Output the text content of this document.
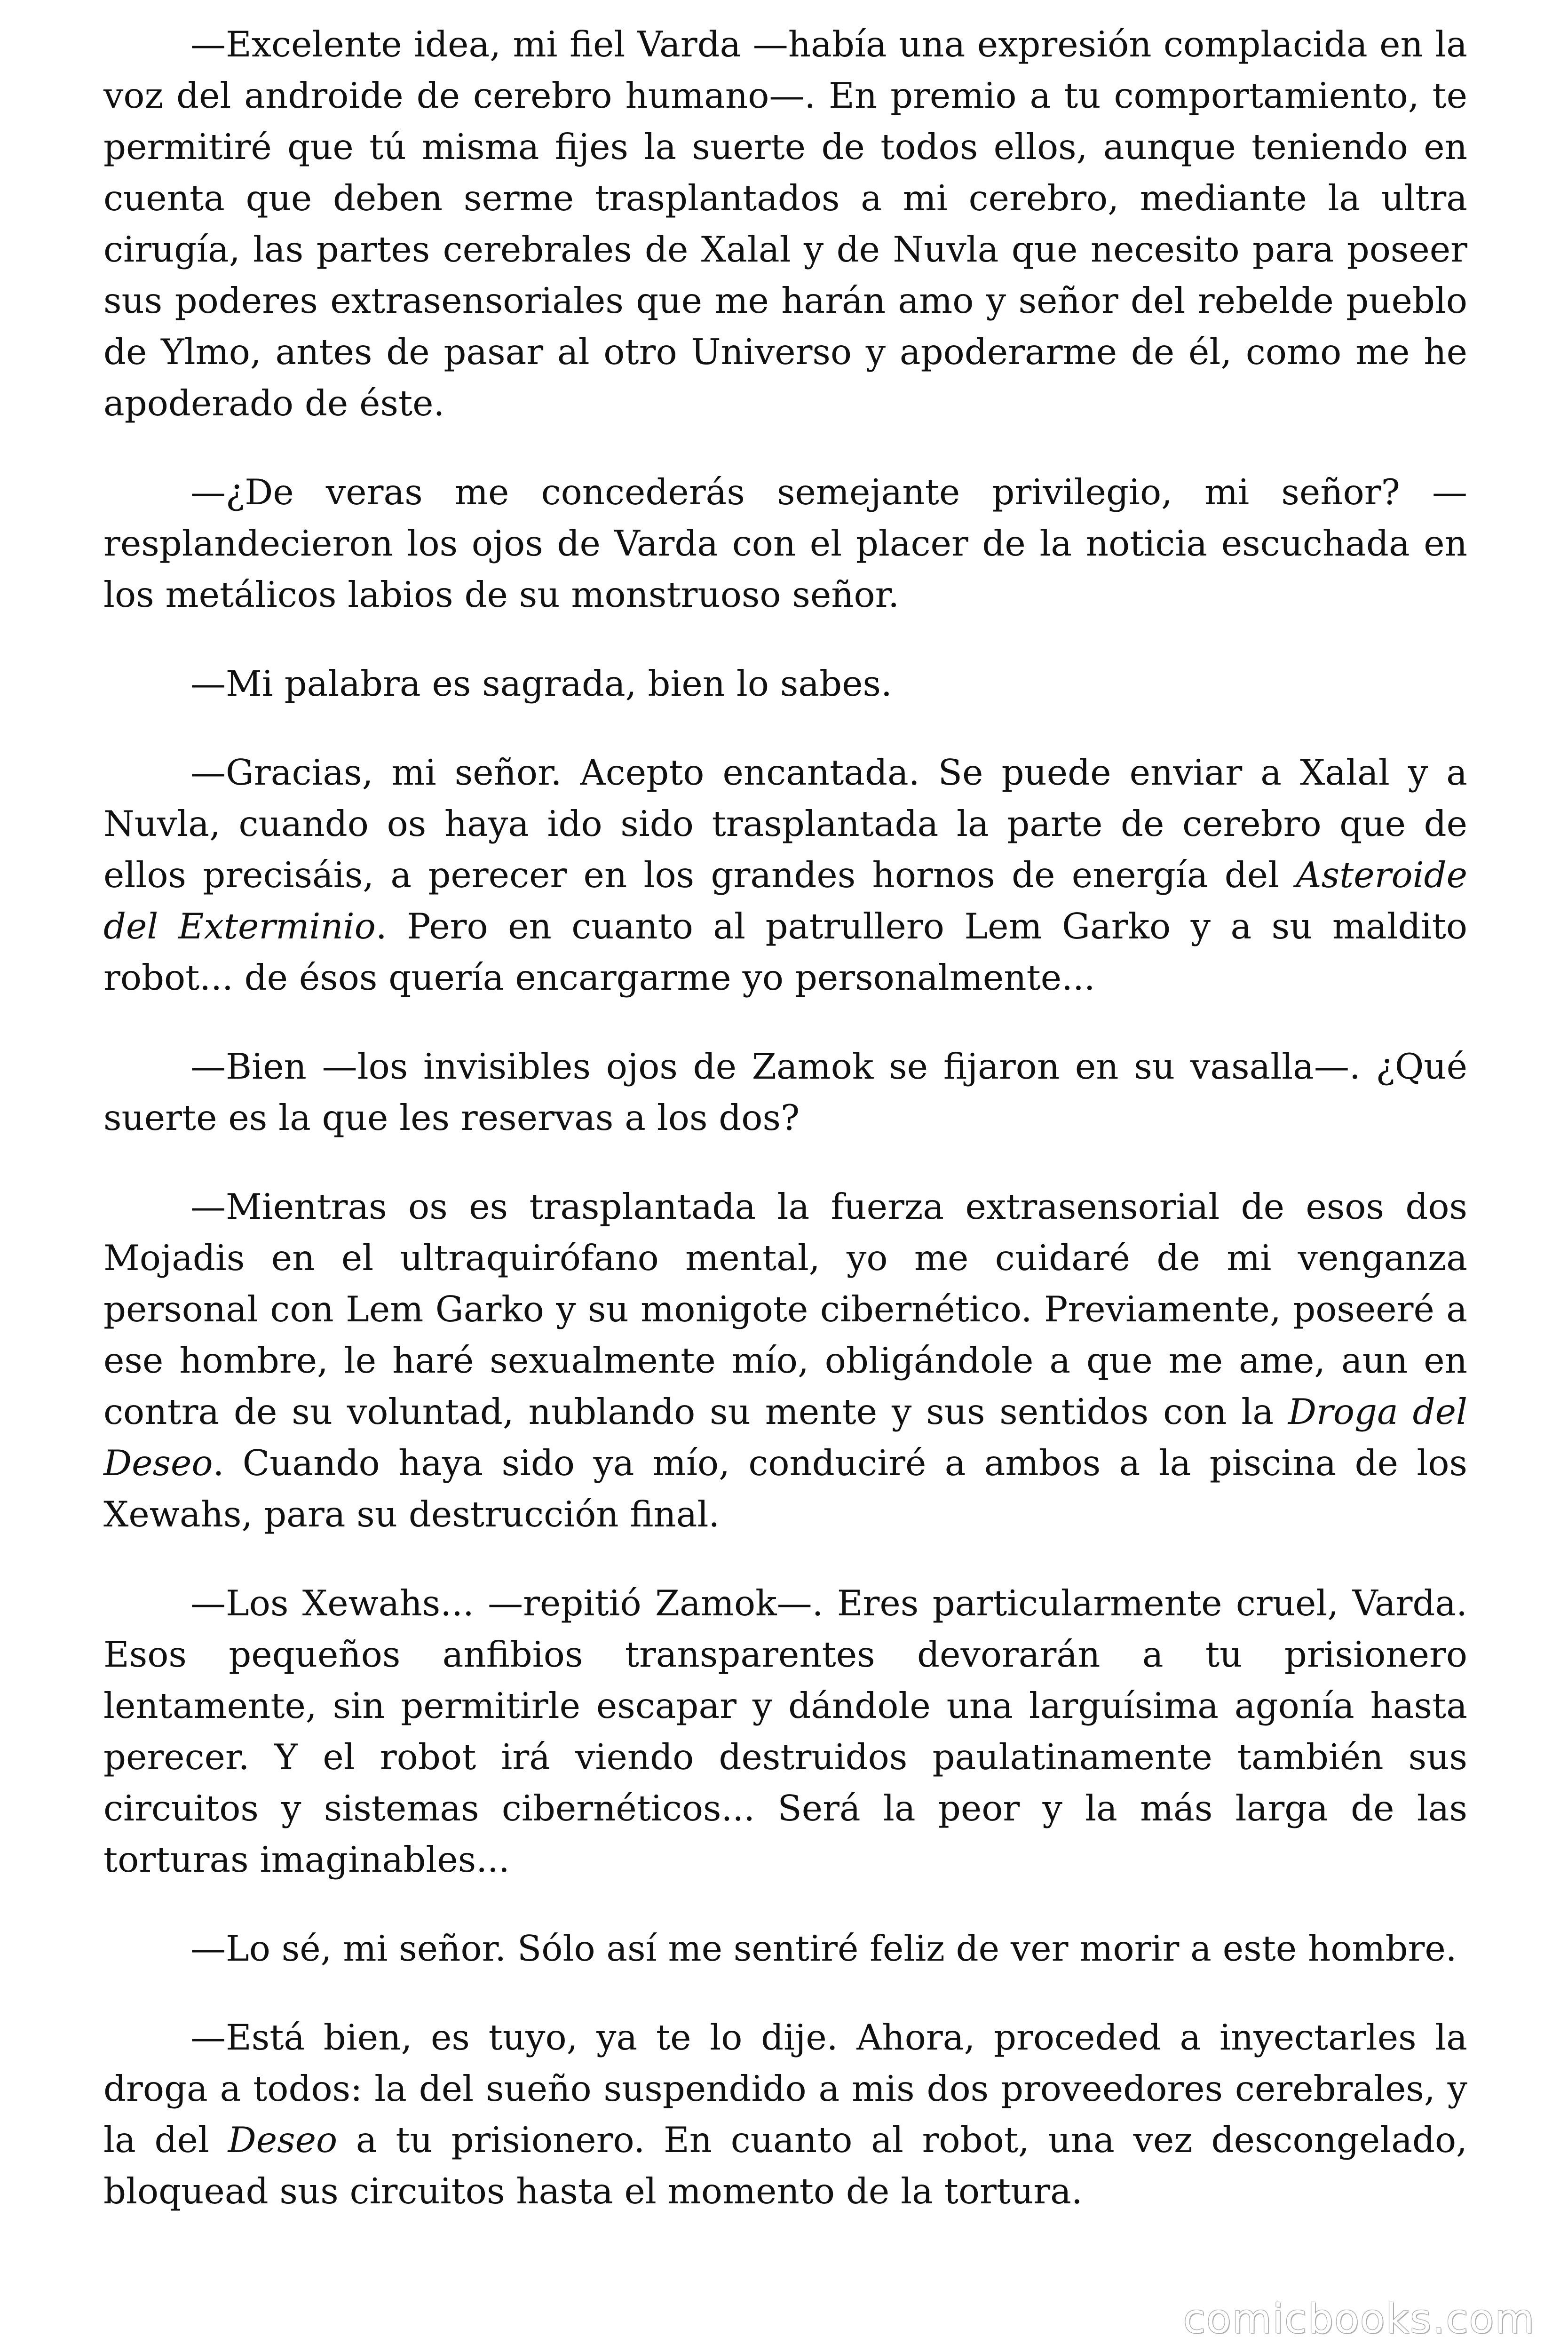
—Excelente idea, mi fiel Varda —había una expresión complacida en la voz del androide de cerebro humano—. En premio a tu comportamiento, te permitiré que tú misma fijes la suerte de todos ellos, aunque teniendo en cuenta que deben serme trasplantados a mi cerebro, mediante la ultra cirugía, las partes cerebrales de Xalal y de Nuvla que necesito para poseer sus poderes extrasensoriales que me harán amo y señor del rebelde pueblo de Ylmo, antes de pasar al otro Universo y apoderarme de él, como me he apoderado de éste.

—¿De veras me concederás semejante privilegio, mi señor? —resplandecieron los ojos de Varda con el placer de la noticia escuchada en los metálicos labios de su monstruoso señor.

—Mi palabra es sagrada, bien lo sabes.

—Gracias, mi señor. Acepto encantada. Se puede enviar a Xalal y a Nuvla, cuando os haya ido sido trasplantada la parte de cerebro que de ellos precisáis, a perecer en los grandes hornos de energía del Asteroide del Exterminio. Pero en cuanto al patrullero Lem Garko y a su maldito robot... de ésos quería encargarme yo personalmente...

—Bien —los invisibles ojos de Zamok se fijaron en su vasalla—. ¿Qué suerte es la que les reservas a los dos?

—Mientras os es trasplantada la fuerza extrasensorial de esos dos Mojadis en el ultraquirófano mental, yo me cuidaré de mi venganza personal con Lem Garko y su monigote cibernético. Previamente, poseeré a ese hombre, le haré sexualmente mío, obligándole a que me ame, aun en contra de su voluntad, nublando su mente y sus sentidos con la Droga del Deseo. Cuando haya sido ya mío, conduciré a ambos a la piscina de los Xewahs, para su destrucción final.

—Los Xewahs... —repitió Zamok—. Eres particularmente cruel, Varda. Esos pequeños anfibios transparentes devorarán a tu prisionero lentamente, sin permitirle escapar y dándole una larguísima agonía hasta perecer. Y el robot irá viendo destruidos paulatinamente también sus circuitos y sistemas cibernéticos... Será la peor y la más larga de las torturas imaginables...

—Lo sé, mi señor. Sólo así me sentiré feliz de ver morir a este hombre.

—Está bien, es tuyo, ya te lo dije. Ahora, proceded a inyectarles la droga a todos: la del sueño suspendido a mis dos proveedores cerebrales, y la del Deseo a tu prisionero. En cuanto al robot, una vez descongelado, bloquead sus circuitos hasta el momento de la tortura.

comicbooks.com
